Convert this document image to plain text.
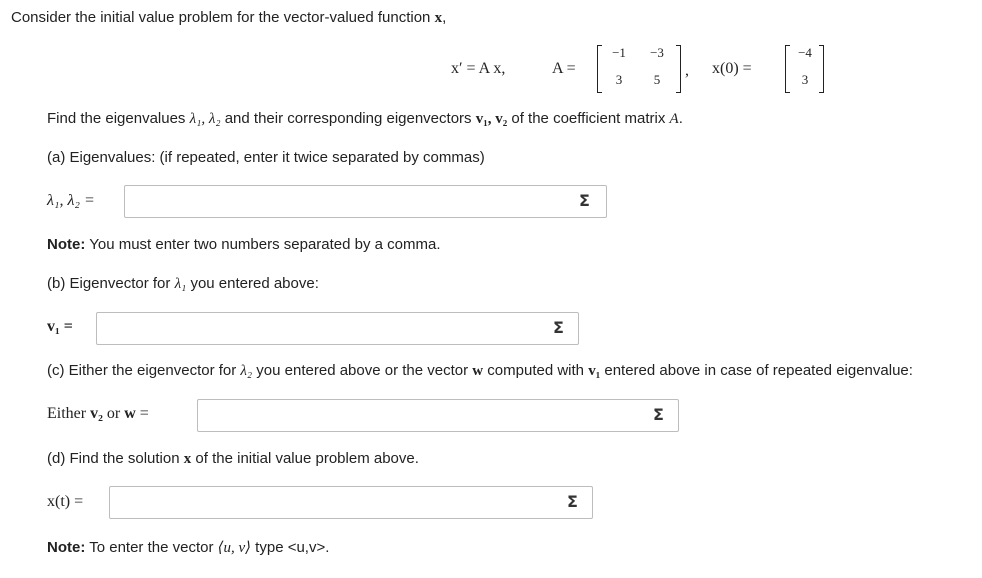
Consider the initial value problem for the vector-valued function x,
x′ = A x,	A =
−1	−3
3	5
, x(0) =
−4
3
Find the eigenvalues λ₁, λ₂ and their corresponding eigenvectors v₁, v₂ of the coefficient matrix A.
(a) Eigenvalues: (if repeated, enter it twice separated by commas)
λ₁, λ₂ =	Σ
Note: You must enter two numbers separated by a comma.
(b) Eigenvector for λ₁ you entered above:
v₁ =	Σ
(c) Either the eigenvector for λ₂ you entered above or the vector w computed with v₁ entered above in case of repeated eigenvalue:
Either v₂ or w =	Σ
(d) Find the solution x of the initial value problem above.
x(t) =	Σ
Note: To enter the vector ⟨u, v⟩ type <u,v>.
